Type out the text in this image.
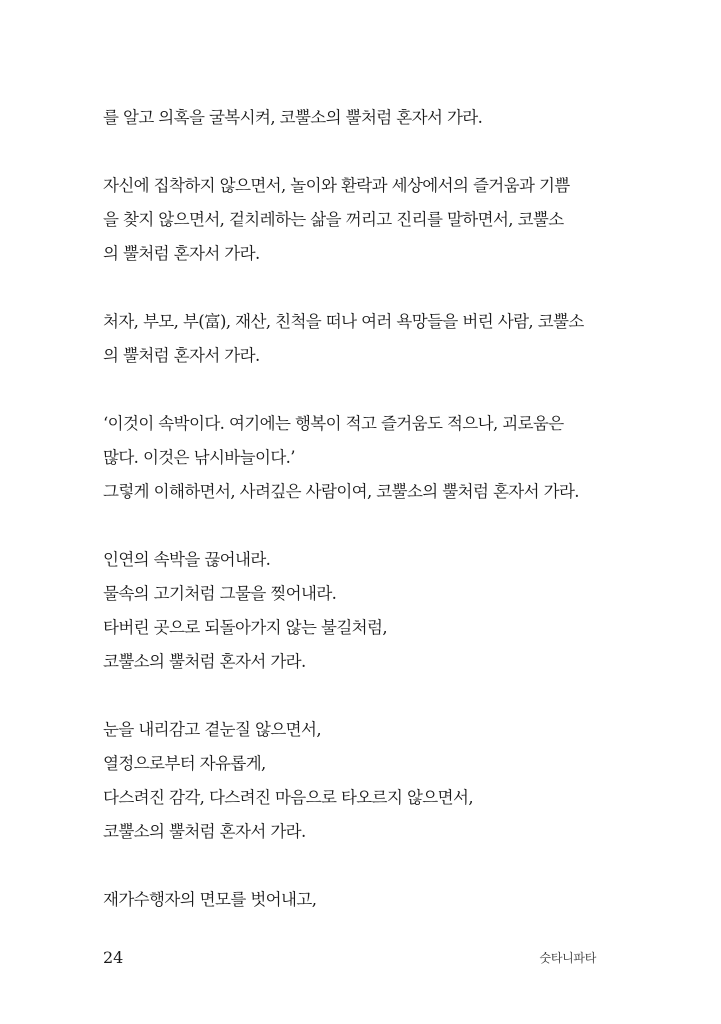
를 알고 의혹을 굴복시켜, 코뿔소의 뿔처럼 혼자서 가라.
자신에 집착하지 않으면서, 놀이와 환락과 세상에서의 즐거움과 기쁨
을 찾지 않으면서, 겉치레하는 삶을 꺼리고 진리를 말하면서, 코뿔소
의 뿔처럼 혼자서 가라.
처자, 부모, 부(富), 재산, 친척을 떠나 여러 욕망들을 버린 사람, 코뿔소
의 뿔처럼 혼자서 가라.
‘이것이 속박이다. 여기에는 행복이 적고 즐거움도 적으나, 괴로움은
많다. 이것은 낚시바늘이다.’
그렇게 이해하면서, 사려깊은 사람이여, 코뿔소의 뿔처럼 혼자서 가라.
인연의 속박을 끊어내라.
물속의 고기처럼 그물을 찢어내라.
타버린 곳으로 되돌아가지 않는 불길처럼,
코뿔소의 뿔처럼 혼자서 가라.
눈을 내리감고 곁눈질 않으면서,
열정으로부터 자유롭게,
다스려진 감각, 다스려진 마음으로 타오르지 않으면서,
코뿔소의 뿔처럼 혼자서 가라.
재가수행자의 면모를 벗어내고,
24	숫타니파타
